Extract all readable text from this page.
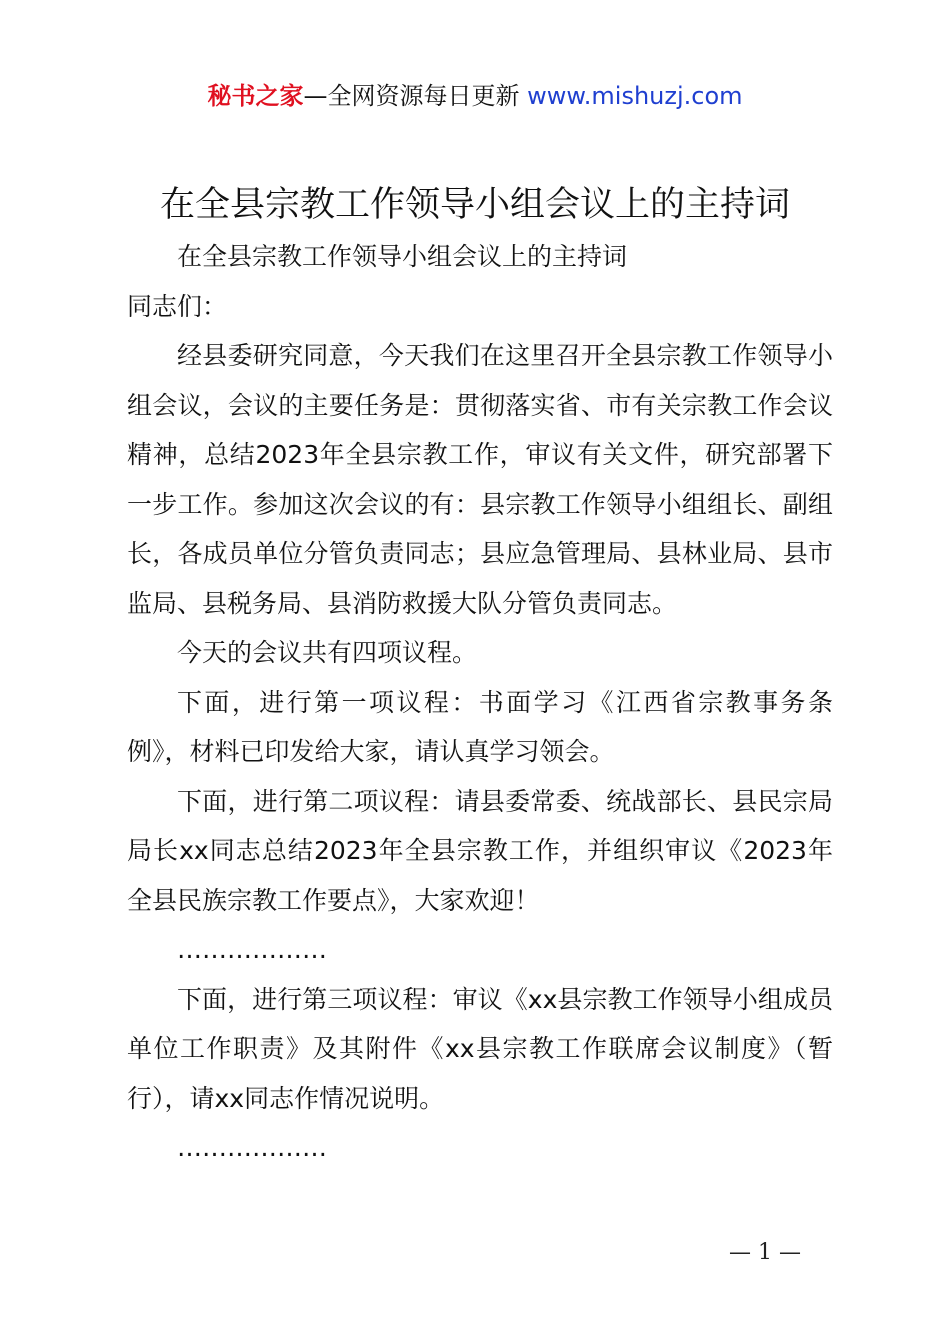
秘书之家—全网资源每日更新 www.mishuzj.com
在全县宗教工作领导小组会议上的主持词

在全县宗教工作领导小组会议上的主持词

同志们：

经县委研究同意，今天我们在这里召开全县宗教工作领导小组会议，会议的主要任务是：贯彻落实省、市有关宗教工作会议精神，总结2023年全县宗教工作，审议有关文件，研究部署下一步工作。参加这次会议的有：县宗教工作领导小组组长、副组长，各成员单位分管负责同志；县应急管理局、县林业局、县市监局、县税务局、县消防救援大队分管负责同志。

今天的会议共有四项议程。

下面，进行第一项议程：书面学习《江西省宗教事务条例》，材料已印发给大家，请认真学习领会。

下面，进行第二项议程：请县委常委、统战部长、县民宗局局长xx同志总结2023年全县宗教工作，并组织审议《2023年全县民族宗教工作要点》，大家欢迎！

………………

下面，进行第三项议程：审议《xx县宗教工作领导小组成员单位工作职责》及其附件《xx县宗教工作联席会议制度》（暂行），请xx同志作情况说明。

………………

— 1 —
